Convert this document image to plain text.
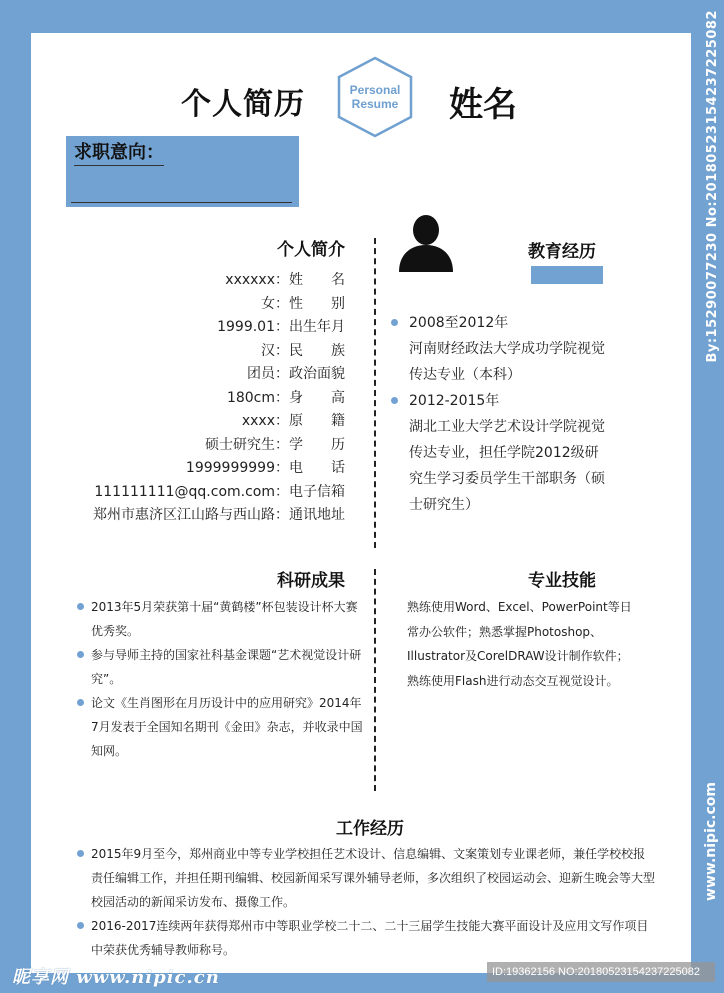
个人简历	Personal
Resume	姓名
求职意向：
个人简介
xxxxxx：姓名
女：性别
1999.01：出生年月
汉：民族
团员：政治面貌
180cm：身高
xxxx：原籍
硕士研究生：学历
1999999999：电话
111111111@qq.com.com：电子信箱
郑州市惠济区江山路与西山路：通讯地址
教育经历
2008至2012年
河南财经政法大学成功学院视觉传达专业（本科）
2012-2015年
湖北工业大学艺术设计学院视觉传达专业，担任学院2012级研究生学习委员学生干部职务（硕士研究生）
科研成果
2013年5月荣获第十届“黄鹤楼”杯包装设计杯大赛优秀奖。
参与导师主持的国家社科基金课题“艺术视觉设计研究”。
论文《生肖图形在月历设计中的应用研究》2014年7月发表于全国知名期刊《金田》杂志，并收录中国知网。
专业技能
熟练使用Word、Excel、PowerPoint等日常办公软件；熟悉掌握Photoshop、Illustrator及CorelDRAW设计制作软件；熟练使用Flash进行动态交互视觉设计。
工作经历
2015年9月至今，郑州商业中等专业学校担任艺术设计、信息编辑、文案策划专业课老师，兼任学校校报责任编辑工作，并担任期刊编辑、校园新闻采写课外辅导老师，多次组织了校园运动会、迎新生晚会等大型校园活动的新闻采访发布、摄像工作。
2016-2017连续两年获得郑州市中等职业学校二十二、二十三届学生技能大赛平面设计及应用文写作项目中荣获优秀辅导教师称号。
By:15290077230 No:20180523154237225082
www.nipic.com
昵享网 www.nipic.cn	ID:19362156 NO:20180523154237225082
